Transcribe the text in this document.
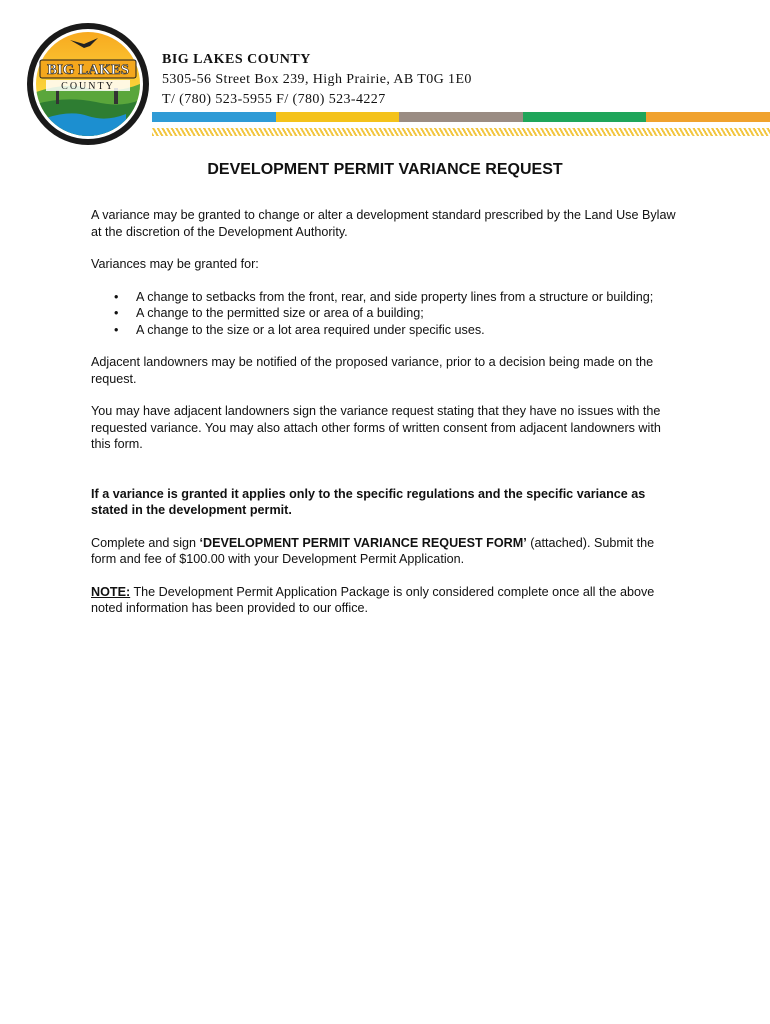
BIG LAKES
COUNTY
BIG LAKES COUNTY
5305-56 Street Box 239, High Prairie, AB T0G 1E0
T/ (780) 523-5955 F/ (780) 523-4227
DEVELOPMENT PERMIT VARIANCE REQUEST

A variance may be granted to change or alter a development standard prescribed by the Land Use Bylaw at the discretion of the Development Authority.

Variances may be granted for:

• A change to setbacks from the front, rear, and side property lines from a structure or building;
• A change to the permitted size or area of a building;
• A change to the size or a lot area required under specific uses.

Adjacent landowners may be notified of the proposed variance, prior to a decision being made on the request.

You may have adjacent landowners sign the variance request stating that they have no issues with the requested variance. You may also attach other forms of written consent from adjacent landowners with this form.

If a variance is granted it applies only to the specific regulations and the specific variance as stated in the development permit.

Complete and sign ‘DEVELOPMENT PERMIT VARIANCE REQUEST FORM’ (attached). Submit the form and fee of $100.00 with your Development Permit Application.

NOTE: The Development Permit Application Package is only considered complete once all the above noted information has been provided to our office.
